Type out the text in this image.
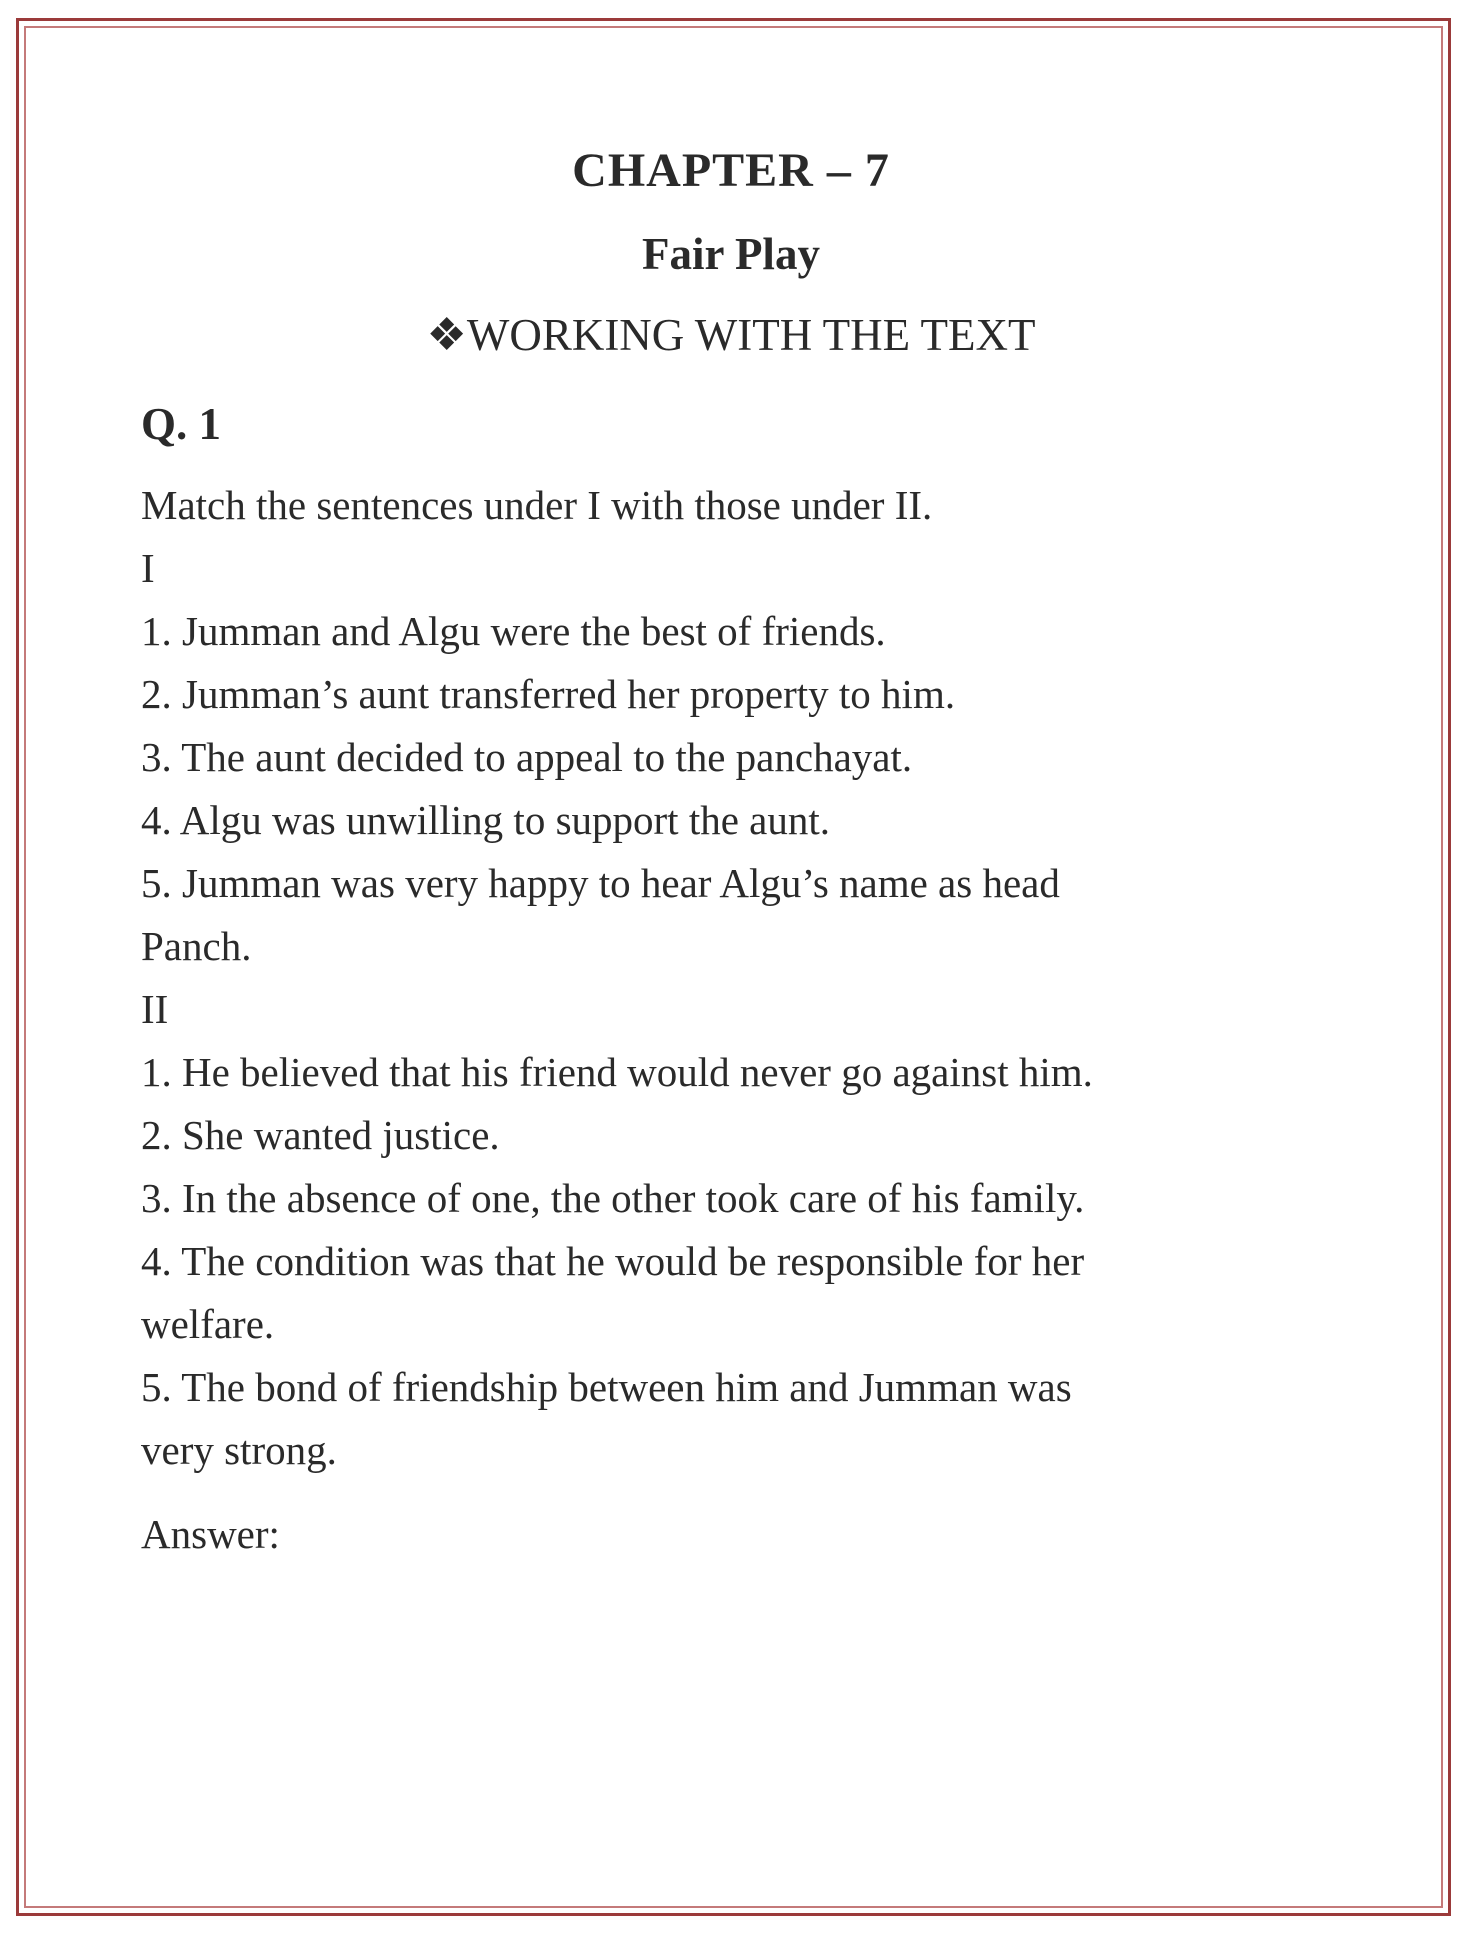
CHAPTER – 7
Fair Play
❖WORKING WITH THE TEXT
Q. 1
Match the sentences under I with those under II.
I
1. Jumman and Algu were the best of friends.
2. Jumman’s aunt transferred her property to him.
3. The aunt decided to appeal to the panchayat.
4. Algu was unwilling to support the aunt.
5. Jumman was very happy to hear Algu’s name as head
Panch.
II
1. He believed that his friend would never go against him.
2. She wanted justice.
3. In the absence of one, the other took care of his family.
4. The condition was that he would be responsible for her
welfare.
5. The bond of friendship between him and Jumman was
very strong.
Answer:
